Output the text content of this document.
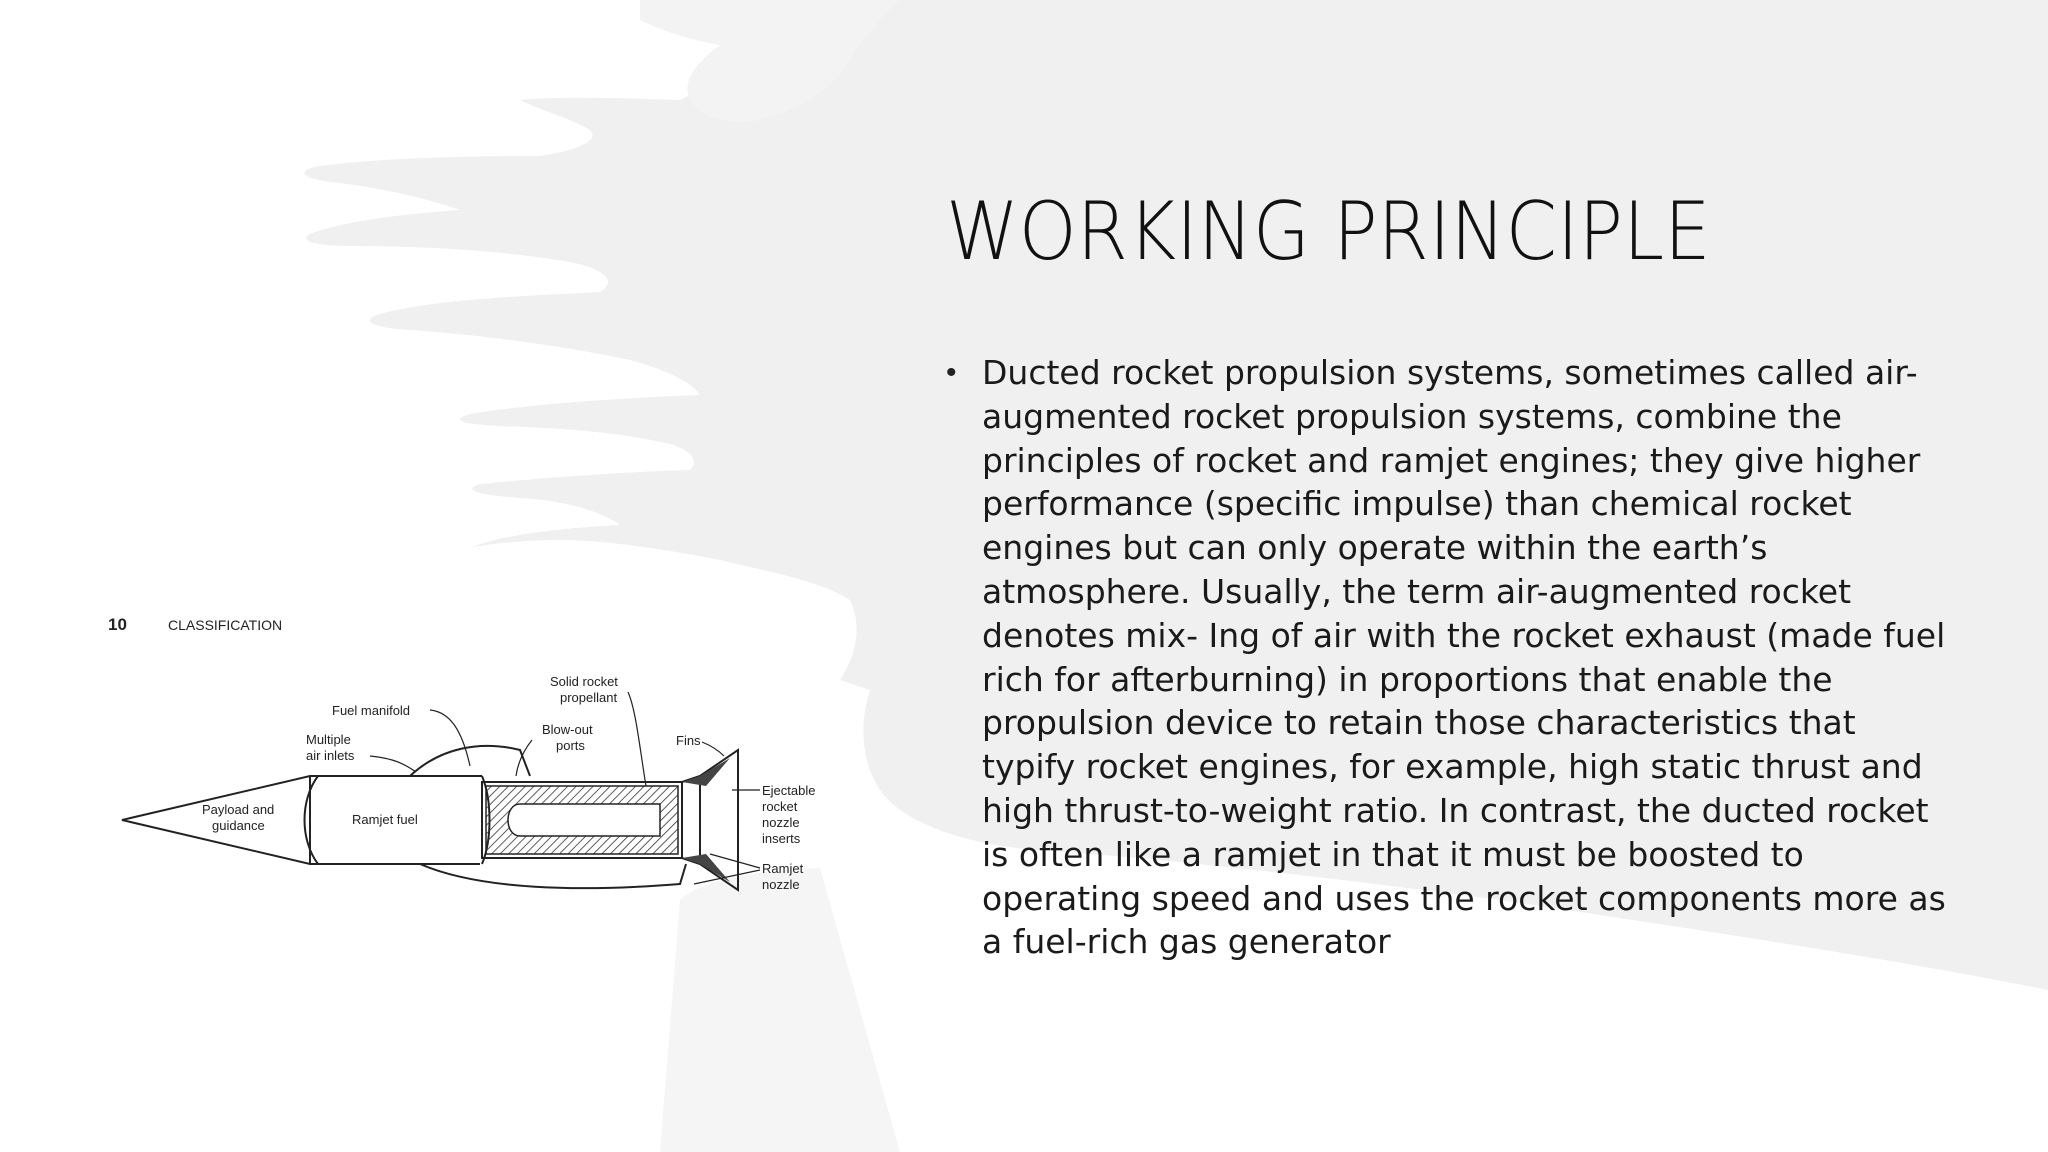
WORKING PRINCIPLE
• Ducted rocket propulsion systems, sometimes called air-augmented rocket propulsion systems, combine the principles of rocket and ramjet engines; they give higher performance (specific impulse) than chemical rocket engines but can only operate within the earth’s atmosphere. Usually, the term air-augmented rocket denotes mix- Ing of air with the rocket exhaust (made fuel rich for afterburning) in proportions that enable the propulsion device to retain those characteristics that typify rocket engines, for example, high static thrust and high thrust-to-weight ratio. In contrast, the ducted rocket is often like a ramjet in that it must be boosted to operating speed and uses the rocket components more as a fuel-rich gas generator
10	CLASSIFICATION
Payload and
guidance	Ramjet fuel
Fuel manifold
Multiple
air inlets
Solid rocket
propellant
Blow-out
ports	Fins
Ejectable
rocket
nozzle
inserts
Ramjet
nozzle
